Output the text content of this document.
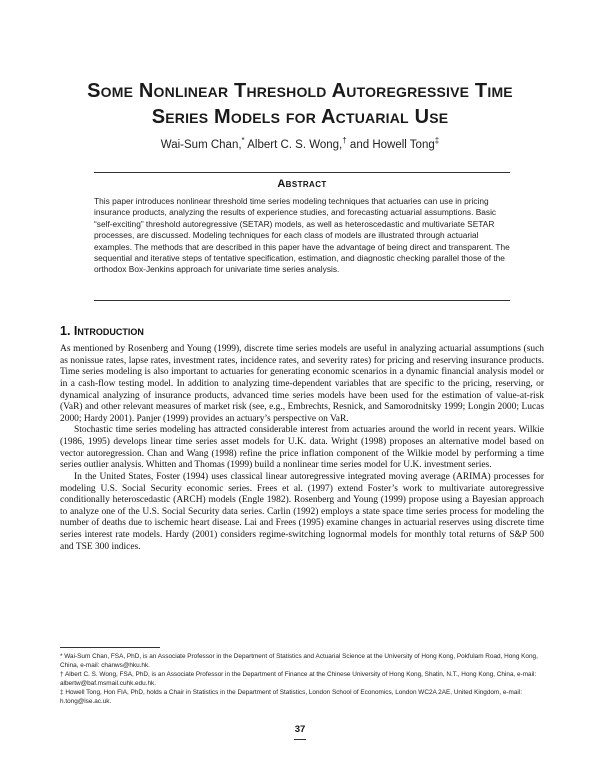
Some Nonlinear Threshold Autoregressive Time
Series Models for Actuarial Use
Wai-Sum Chan,* Albert C. S. Wong,† and Howell Tong‡
Abstract
This paper introduces nonlinear threshold time series modeling techniques that actuaries can use in pricing insurance products, analyzing the results of experience studies, and forecasting actuarial assumptions. Basic “self-exciting” threshold autoregressive (SETAR) models, as well as heteroscedastic and multivariate SETAR processes, are discussed. Modeling techniques for each class of models are illustrated through actuarial examples. The methods that are described in this paper have the advantage of being direct and transparent. The sequential and iterative steps of tentative specification, estimation, and diagnostic checking parallel those of the orthodox Box-Jenkins approach for univariate time series analysis.
1. Introduction

As mentioned by Rosenberg and Young (1999), discrete time series models are useful in analyzing actuarial assumptions (such as nonissue rates, lapse rates, investment rates, incidence rates, and severity rates) for pricing and reserving insurance products. Time series modeling is also important to actuaries for generating economic scenarios in a dynamic financial analysis model or in a cash-flow testing model. In addition to analyzing time-dependent variables that are specific to the pricing, reserving, or dynamical analyzing of insurance products, advanced time series models have been used for the estimation of value-at-risk (VaR) and other relevant measures of market risk (see, e.g., Embrechts, Resnick, and Samorodnitsky 1999; Longin 2000; Lucas 2000; Hardy 2001). Panjer (1999) provides an actuary’s perspective on VaR.

Stochastic time series modeling has attracted considerable interest from actuaries around the world in recent years. Wilkie (1986, 1995) develops linear time series asset models for U.K. data. Wright (1998) proposes an alternative model based on vector autoregression. Chan and Wang (1998) refine the price inflation component of the Wilkie model by performing a time series outlier analysis. Whitten and Thomas (1999) build a nonlinear time series model for U.K. investment series.

In the United States, Foster (1994) uses classical linear autoregressive integrated moving average (ARIMA) processes for modeling U.S. Social Security economic series. Frees et al. (1997) extend Foster’s work to multivariate autoregressive conditionally heteroscedastic (ARCH) models (Engle 1982). Rosenberg and Young (1999) propose using a Bayesian approach to analyze one of the U.S. Social Security data series. Carlin (1992) employs a state space time series process for modeling the number of deaths due to ischemic heart disease. Lai and Frees (1995) examine changes in actuarial reserves using discrete time series interest rate models. Hardy (2001) considers regime-switching lognormal models for monthly total returns of S&P 500 and TSE 300 indices.

* Wai-Sum Chan, FSA, PhD, is an Associate Professor in the Department of Statistics and Actuarial Science at the University of Hong Kong, Pokfulam Road, Hong Kong, China, e-mail: chanws@hku.hk.

† Albert C. S. Wong, FSA, PhD, is an Associate Professor in the Department of Finance at the Chinese University of Hong Kong, Shatin, N.T., Hong Kong, China, e-mail: albertw@baf.msmail.cuhk.edu.hk.

‡ Howell Tong, Hon FIA, PhD, holds a Chair in Statistics in the Department of Statistics, London School of Economics, London WC2A 2AE, United Kingdom, e-mail: h.tong@lse.ac.uk.

37
